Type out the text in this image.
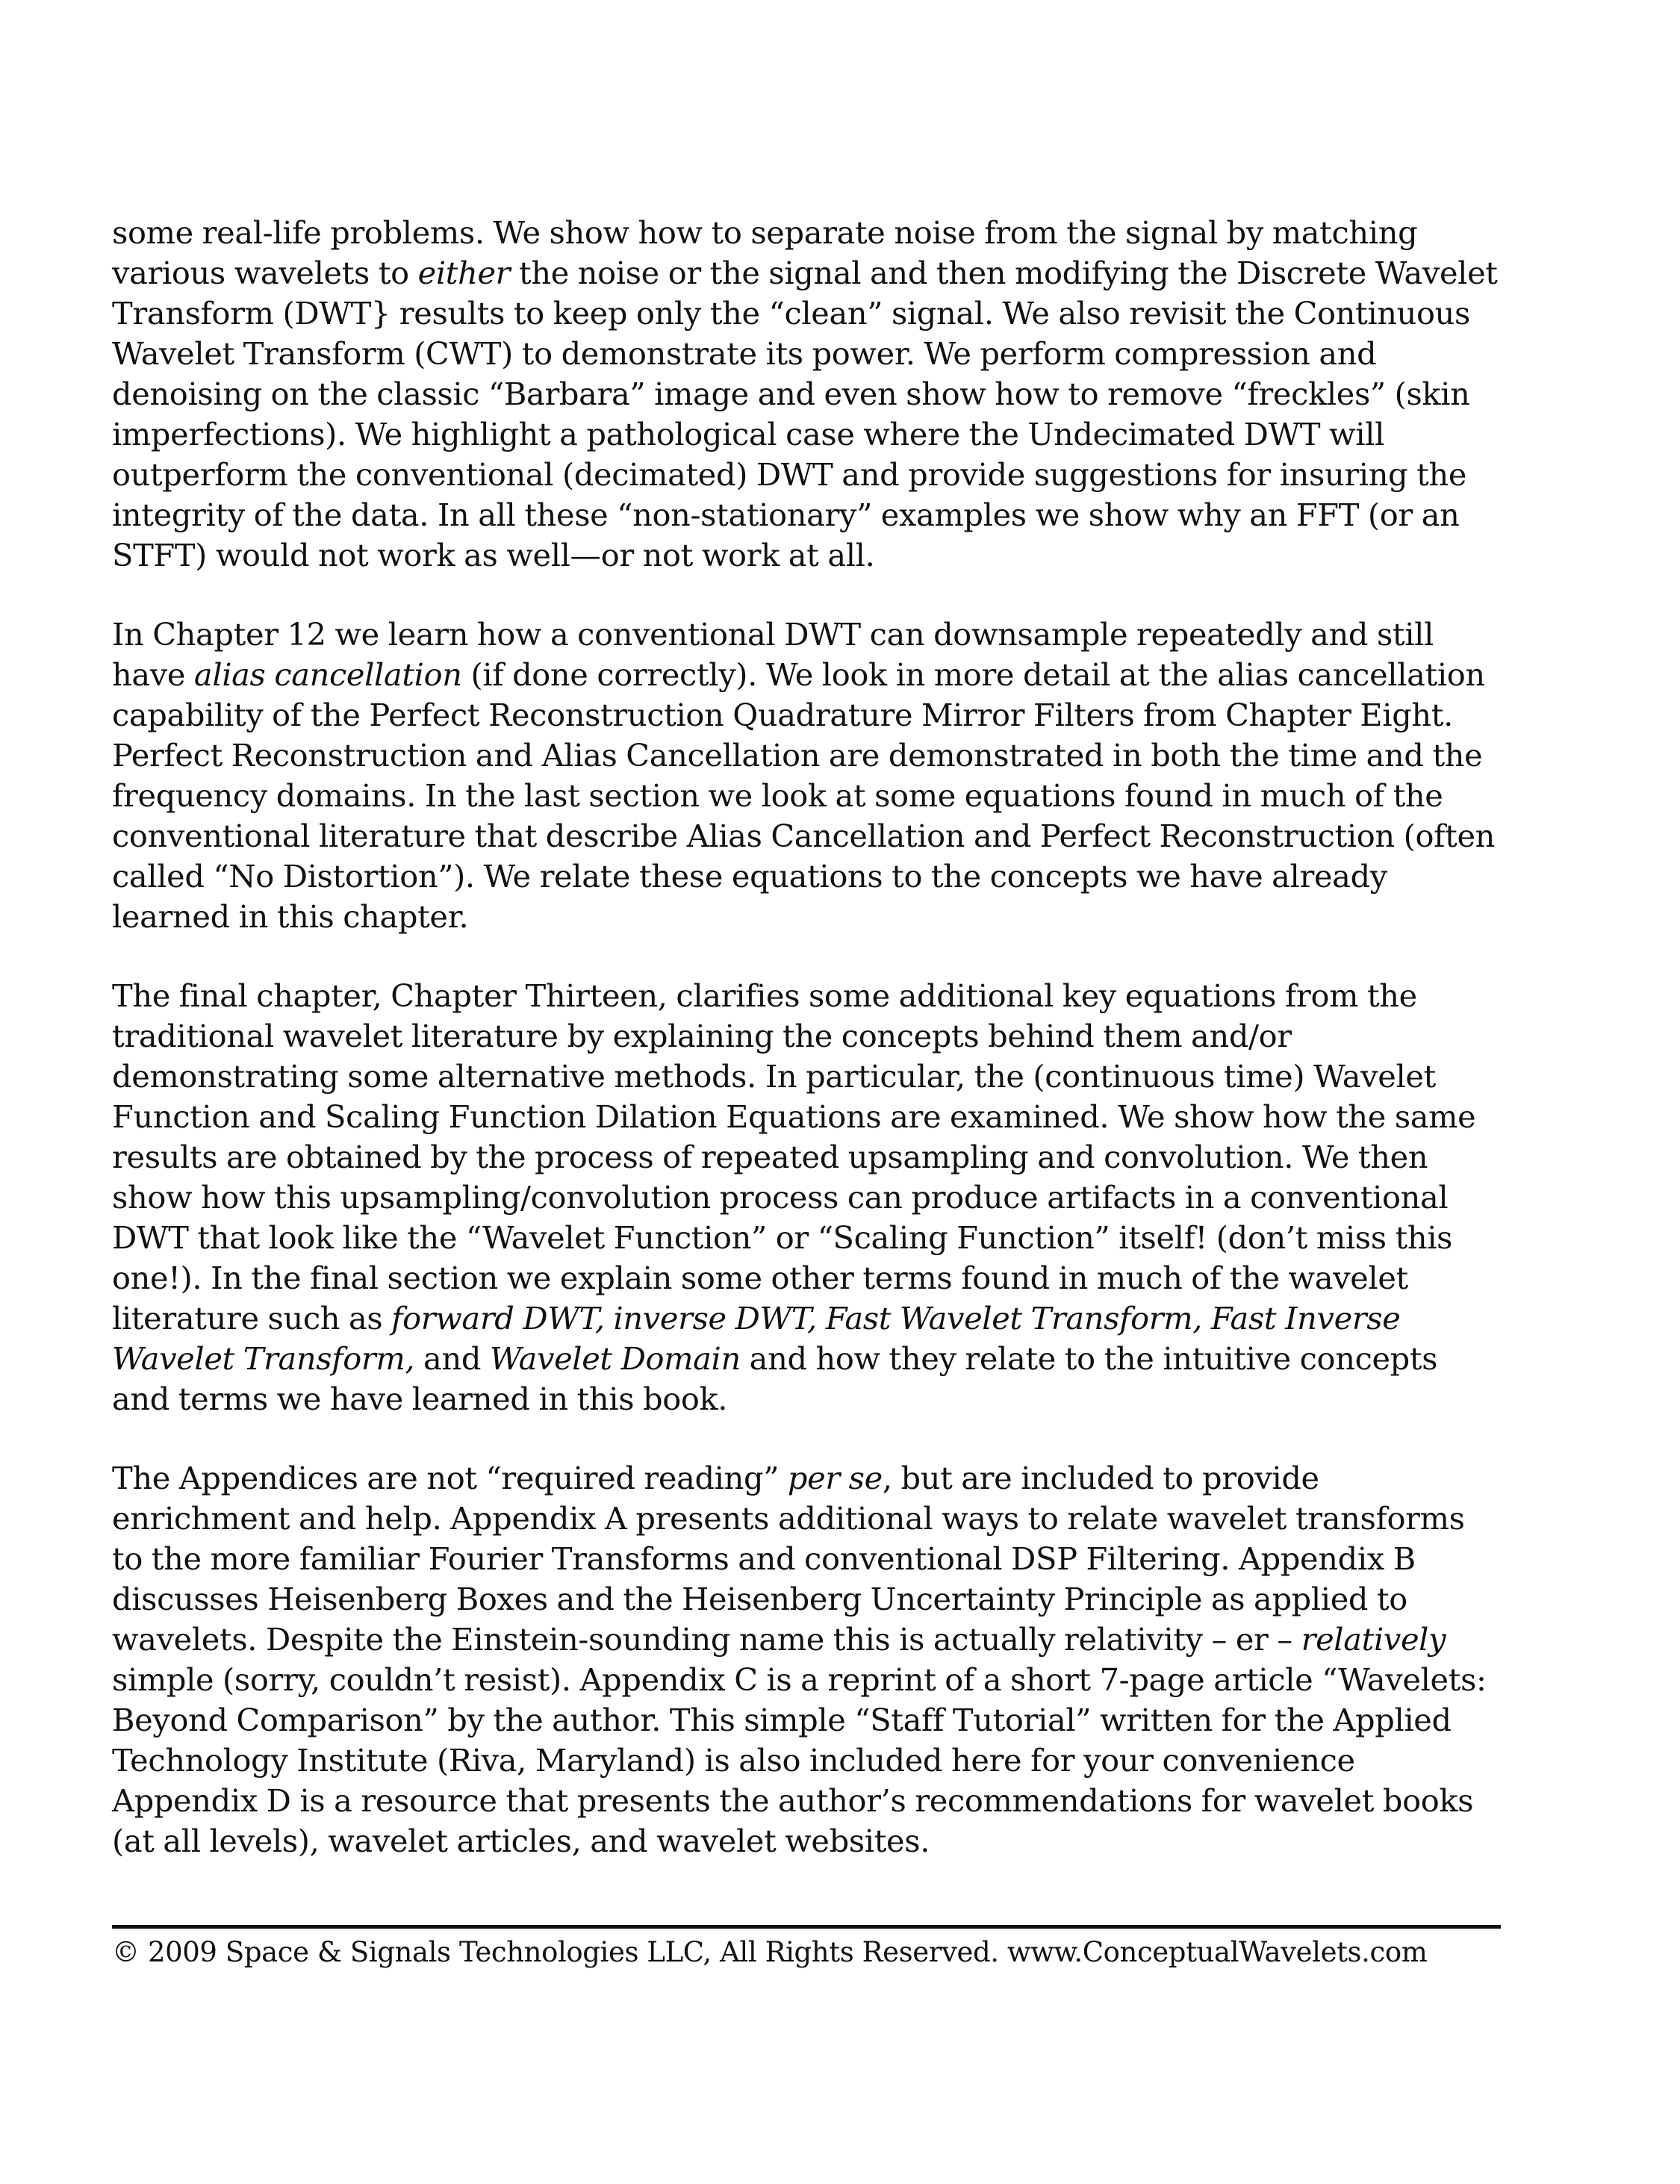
some real-life problems. We show how to separate noise from the signal by matching various wavelets to either the noise or the signal and then modifying the Discrete Wavelet Transform (DWT} results to keep only the “clean” signal. We also revisit the Continuous Wavelet Transform (CWT) to demonstrate its power. We perform compression and denoising on the classic “Barbara” image and even show how to remove “freckles” (skin imperfections). We highlight a pathological case where the Undecimated DWT will outperform the conventional (decimated) DWT and provide suggestions for insuring the integrity of the data. In all these “non-stationary” examples we show why an FFT (or an STFT) would not work as well—or not work at all.

In Chapter 12 we learn how a conventional DWT can downsample repeatedly and still have alias cancellation (if done correctly). We look in more detail at the alias cancellation capability of the Perfect Reconstruction Quadrature Mirror Filters from Chapter Eight. Perfect Reconstruction and Alias Cancellation are demonstrated in both the time and the frequency domains. In the last section we look at some equations found in much of the conventional literature that describe Alias Cancellation and Perfect Reconstruction (often called “No Distortion”). We relate these equations to the concepts we have already learned in this chapter.

The final chapter, Chapter Thirteen, clarifies some additional key equations from the traditional wavelet literature by explaining the concepts behind them and/or demonstrating some alternative methods. In particular, the (continuous time) Wavelet Function and Scaling Function Dilation Equations are examined. We show how the same results are obtained by the process of repeated upsampling and convolution. We then show how this upsampling/convolution process can produce artifacts in a conventional DWT that look like the “Wavelet Function” or “Scaling Function” itself! (don’t miss this one!). In the final section we explain some other terms found in much of the wavelet literature such as forward DWT, inverse DWT, Fast Wavelet Transform, Fast Inverse Wavelet Transform, and Wavelet Domain and how they relate to the intuitive concepts and terms we have learned in this book.

The Appendices are not “required reading” per se, but are included to provide enrichment and help. Appendix A presents additional ways to relate wavelet transforms to the more familiar Fourier Transforms and conventional DSP Filtering. Appendix B discusses Heisenberg Boxes and the Heisenberg Uncertainty Principle as applied to wavelets. Despite the Einstein-sounding name this is actually relativity – er – relatively simple (sorry, couldn’t resist). Appendix C is a reprint of a short 7-page article “Wavelets: Beyond Comparison” by the author. This simple “Staff Tutorial” written for the Applied Technology Institute (Riva, Maryland) is also included here for your convenience Appendix D is a resource that presents the author’s recommendations for wavelet books (at all levels), wavelet articles, and wavelet websites.

© 2009 Space & Signals Technologies LLC, All Rights Reserved. www.ConceptualWavelets.com
